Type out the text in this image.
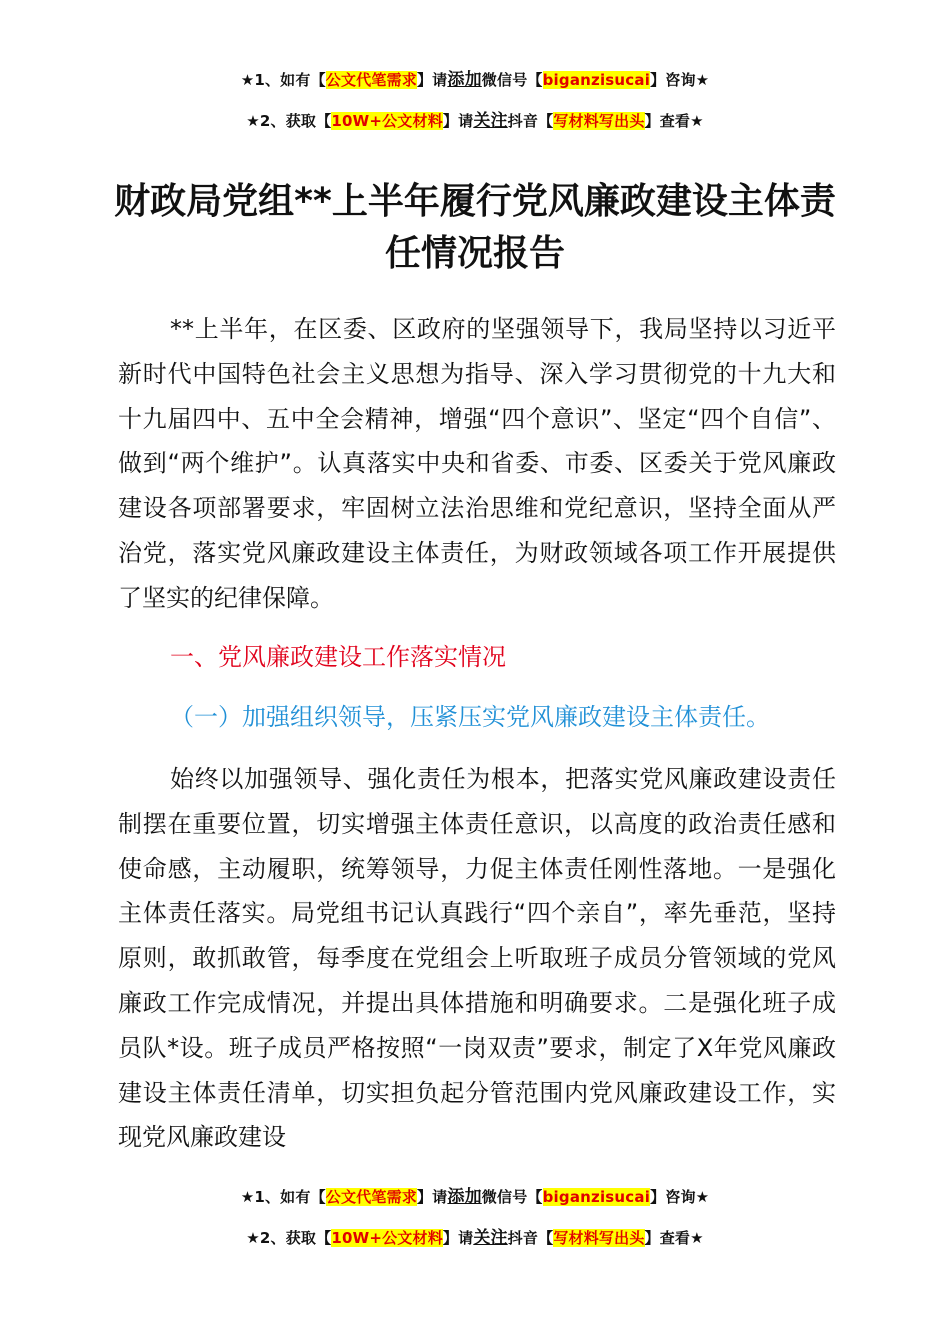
★1、如有【公文代笔需求】请添加微信号【biganzisucai】咨询★
★2、获取【10W+公文材料】请关注抖音【写材料写出头】查看★
财政局党组**上半年履行党风廉政建设主体责任情况报告
**上半年，在区委、区政府的坚强领导下，我局坚持以习近平新时代中国特色社会主义思想为指导、深入学习贯彻党的十九大和十九届四中、五中全会精神，增强“四个意识”、坚定“四个自信”、做到“两个维护”。认真落实中央和省委、市委、区委关于党风廉政建设各项部署要求，牢固树立法治思维和党纪意识，坚持全面从严治党，落实党风廉政建设主体责任，为财政领域各项工作开展提供了坚实的纪律保障。
一、党风廉政建设工作落实情况
（一）加强组织领导，压紧压实党风廉政建设主体责任。
始终以加强领导、强化责任为根本，把落实党风廉政建设责任制摆在重要位置，切实增强主体责任意识，以高度的政治责任感和使命感，主动履职，统筹领导，力促主体责任刚性落地。一是强化主体责任落实。局党组书记认真践行“四个亲自”，率先垂范，坚持原则，敢抓敢管，每季度在党组会上听取班子成员分管领域的党风廉政工作完成情况，并提出具体措施和明确要求。二是强化班子成员队*设。班子成员严格按照“一岗双责”要求，制定了X年党风廉政建设主体责任清单，切实担负起分管范围内党风廉政建设工作，实现党风廉政建设
★1、如有【公文代笔需求】请添加微信号【biganzisucai】咨询★
★2、获取【10W+公文材料】请关注抖音【写材料写出头】查看★
